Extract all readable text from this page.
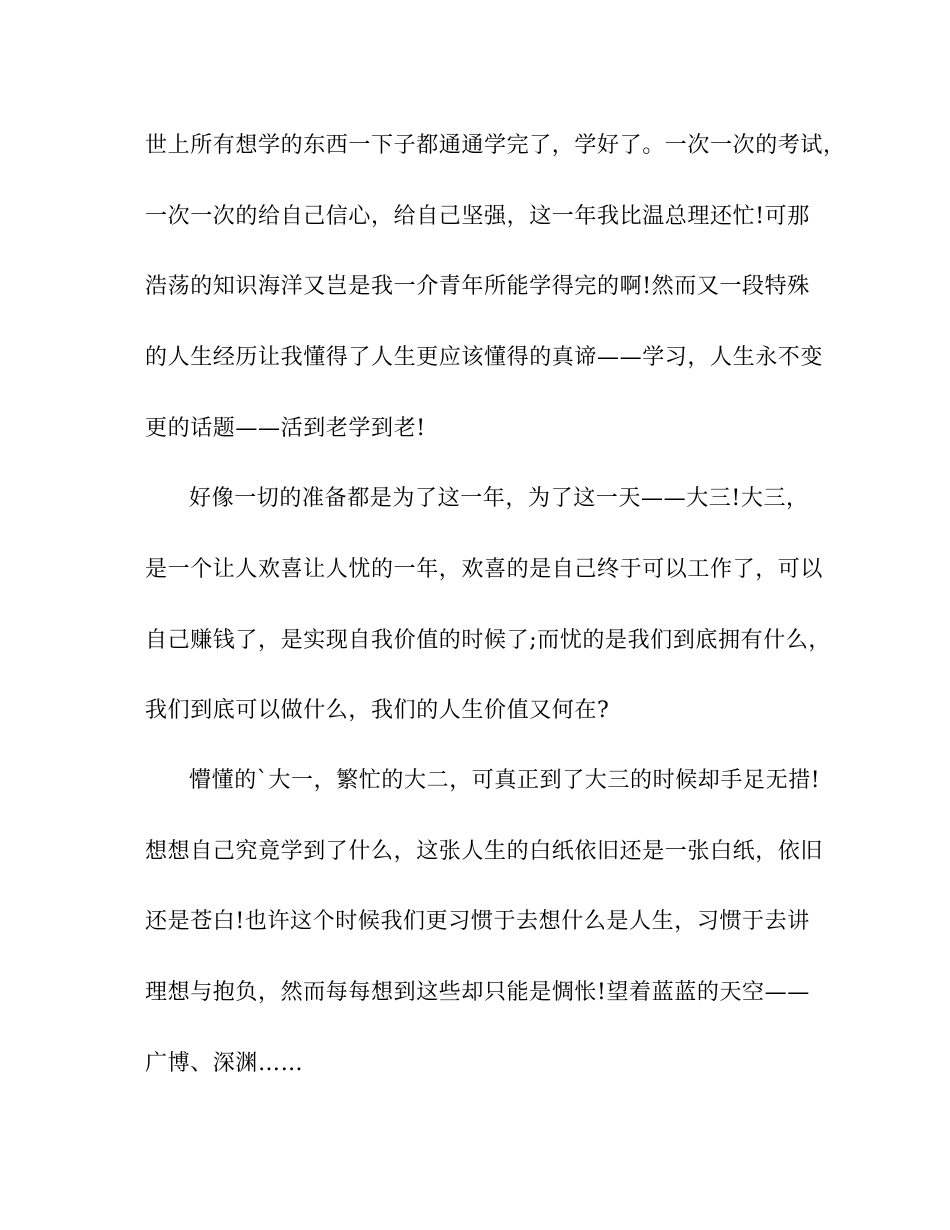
世上所有想学的东西一下子都通通学完了，学好了。一次一次的考试，
一次一次的给自己信心，给自己坚强，这一年我比温总理还忙!可那
浩荡的知识海洋又岂是我一介青年所能学得完的啊!然而又一段特殊
的人生经历让我懂得了人生更应该懂得的真谛——学习，人生永不变
更的话题——活到老学到老!
好像一切的准备都是为了这一年，为了这一天——大三!大三，
是一个让人欢喜让人忧的一年，欢喜的是自己终于可以工作了，可以
自己赚钱了，是实现自我价值的时候了;而忧的是我们到底拥有什么，
我们到底可以做什么，我们的人生价值又何在?
懵懂的`大一，繁忙的大二，可真正到了大三的时候却手足无措!
想想自己究竟学到了什么，这张人生的白纸依旧还是一张白纸，依旧
还是苍白!也许这个时候我们更习惯于去想什么是人生，习惯于去讲
理想与抱负，然而每每想到这些却只能是惆怅!望着蓝蓝的天空——
广博、深渊……
